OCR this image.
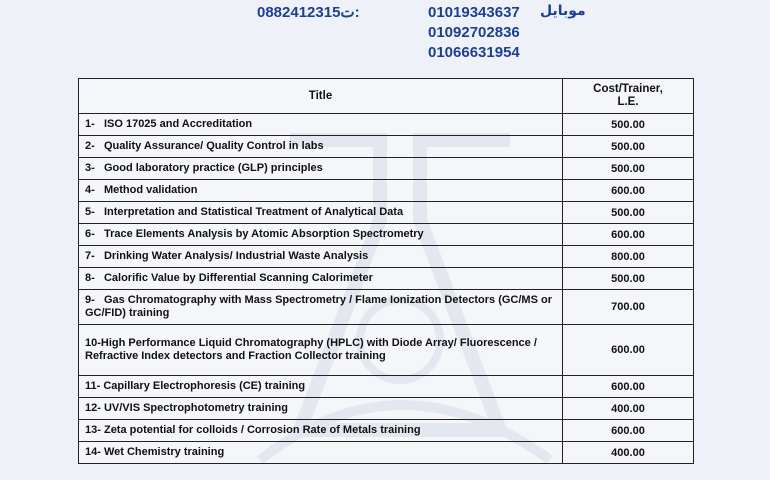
0882412315ت:	01019343637
01092702836
01066631954
موبايل
Title	Cost/Trainer,
L.E.

1- ISO 17025 and Accreditation	500.00
2- Quality Assurance/ Quality Control in labs	500.00
3- Good laboratory practice (GLP) principles	500.00
4- Method validation	600.00
5- Interpretation and Statistical Treatment of Analytical Data	500.00
6- Trace Elements Analysis by Atomic Absorption Spectrometry	600.00
7- Drinking Water Analysis/ Industrial Waste Analysis	800.00
8- Calorific Value by Differential Scanning Calorimeter	500.00
9- Gas Chromatography with Mass Spectrometry / Flame Ionization Detectors (GC/MS or GC/FID) training	700.00
10-High Performance Liquid Chromatography (HPLC) with Diode Array/ Fluorescence / Refractive Index detectors and Fraction Collector training	600.00
11- Capillary Electrophoresis (CE) training	600.00
12- UV/VIS Spectrophotometry training	400.00
13- Zeta potential for colloids / Corrosion Rate of Metals training	600.00
14- Wet Chemistry training	400.00
